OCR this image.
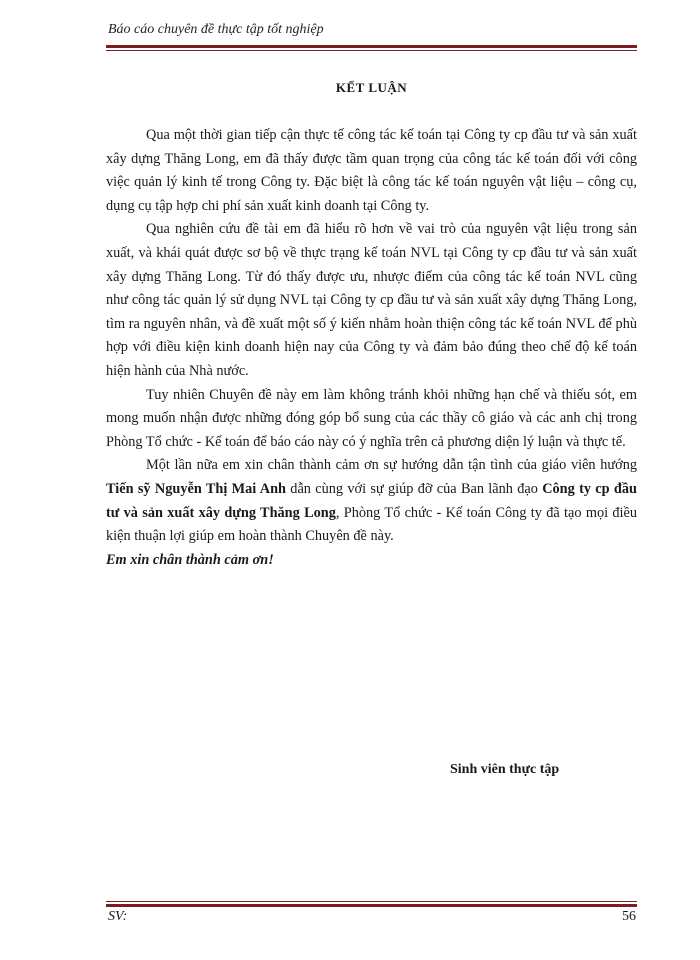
Báo cáo chuyên đề thực tập tốt nghiệp
KẾT LUẬN

Qua một thời gian tiếp cận thực tế công tác kế toán tại Công ty cp đầu tư và sản xuất xây dựng Thăng Long, em đã thấy được tầm quan trọng của công tác kế toán đối với công việc quản lý kinh tế trong Công ty. Đặc biệt là công tác kế toán nguyên vật liệu – công cụ, dụng cụ tập hợp chi phí sản xuất kinh doanh tại Công ty.

Qua nghiên cứu đề tài em đã hiểu rõ hơn về vai trò của nguyên vật liệu trong sản xuất, và khái quát được sơ bộ về thực trạng kế toán NVL tại Công ty cp đầu tư và sản xuất xây dựng Thăng Long. Từ đó thấy được ưu, nhược điểm của công tác kế toán NVL cũng như công tác quản lý sử dụng NVL tại Công ty cp đầu tư và sản xuất xây dựng Thăng Long, tìm ra nguyên nhân, và đề xuất một số ý kiến nhằm hoàn thiện công tác kế toán NVL để phù hợp với điều kiện kinh doanh hiện nay của Công ty và đảm bảo đúng theo chế độ kế toán hiện hành của Nhà nước.

Tuy nhiên Chuyên đề này em làm không tránh khỏi những hạn chế và thiếu sót, em mong muốn nhận được những đóng góp bổ sung của các thầy cô giáo và các anh chị trong Phòng Tổ chức - Kế toán để báo cáo này có ý nghĩa trên cả phương diện lý luận và thực tế.

Một lần nữa em xin chân thành cảm ơn sự hướng dẫn tận tình của giáo viên hướng Tiến sỹ Nguyễn Thị Mai Anh dẫn cùng với sự giúp đỡ của Ban lãnh đạo Công ty cp đầu tư và sản xuất xây dựng Thăng Long, Phòng Tổ chức - Kế toán Công ty đã tạo mọi điều kiện thuận lợi giúp em hoàn thành Chuyên đề này.

Em xin chân thành cảm ơn!

Sinh viên thực tập
SV:	56
